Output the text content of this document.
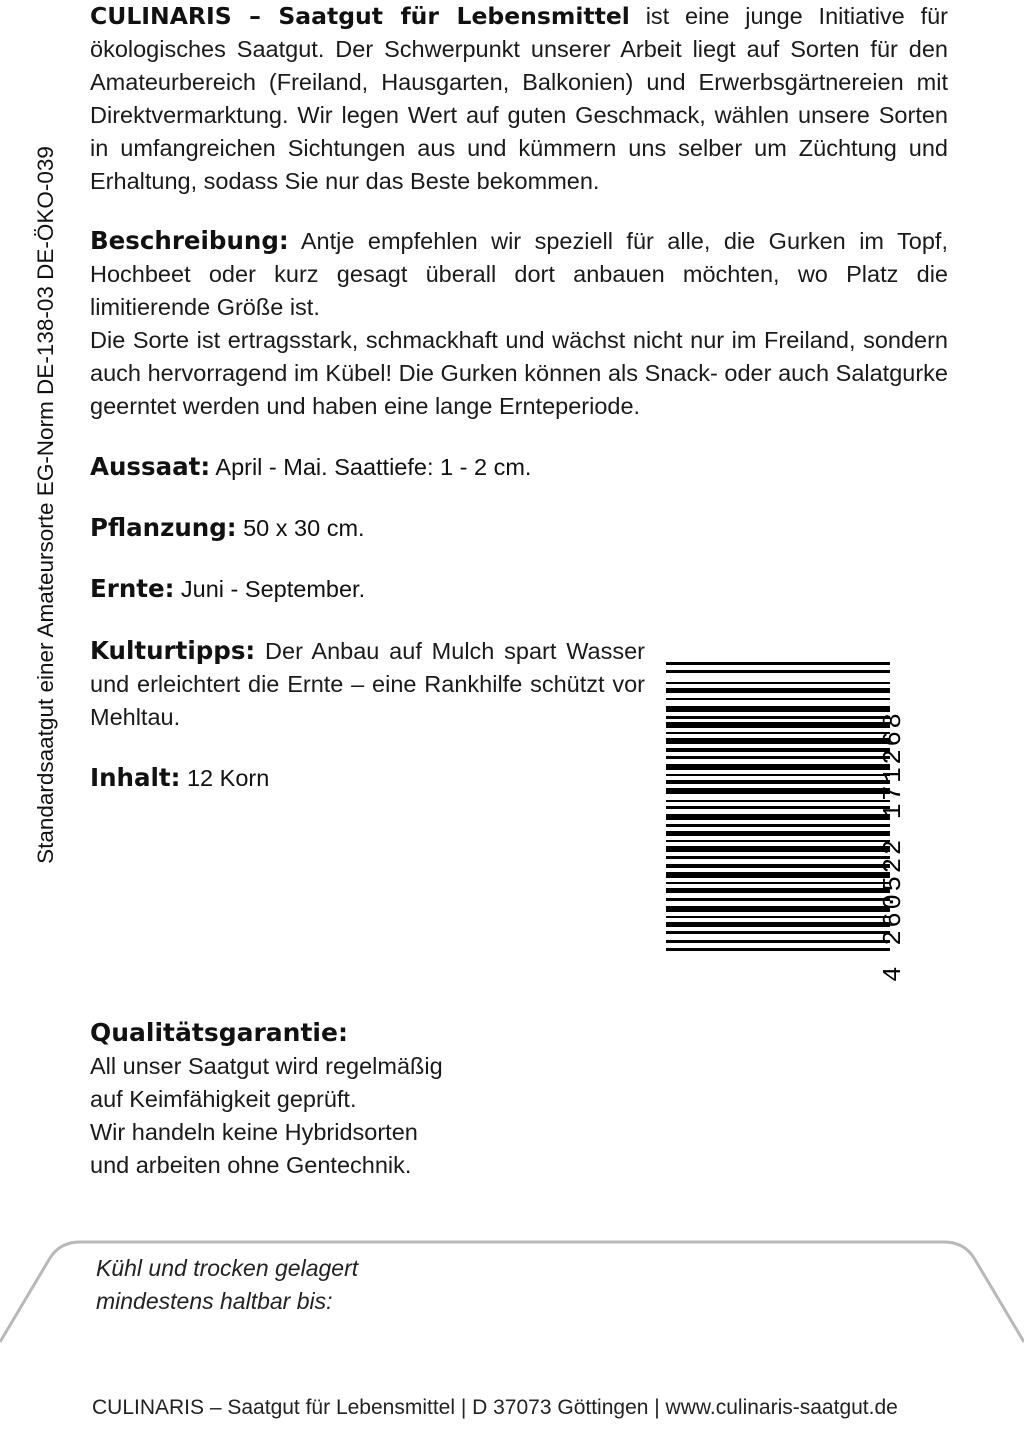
Standardsaatgut einer Amateursorte EG-Norm DE-138-03 DE-ÖKO-039

CULINARIS – Saatgut für Lebensmittel ist eine junge Initiative für ökologisches Saatgut. Der Schwerpunkt unserer Arbeit liegt auf Sorten für den Amateurbereich (Freiland, Hausgarten, Balkonien) und Erwerbsgärtnereien mit Direktvermarktung. Wir legen Wert auf guten Geschmack, wählen unsere Sorten in umfangreichen Sichtungen aus und kümmern uns selber um Züchtung und Erhaltung, sodass Sie nur das Beste bekommen.

Beschreibung: Antje empfehlen wir speziell für alle, die Gurken im Topf, Hochbeet oder kurz gesagt überall dort anbauen möchten, wo Platz die limitierende Größe ist.
Die Sorte ist ertragsstark, schmackhaft und wächst nicht nur im Freiland, sondern auch hervorragend im Kübel! Die Gurken können als Snack- oder auch Salatgurke geerntet werden und haben eine lange Ernteperiode.

Aussaat: April - Mai. Saattiefe: 1 - 2 cm.
Pflanzung: 50 x 30 cm.
Ernte: Juni - September.

Kulturtipps: Der Anbau auf Mulch spart Wasser und erleichtert die Ernte – eine Rankhilfe schützt vor Mehltau.

Inhalt: 12 Korn	4 260522 171268
Qualitätsgarantie:
All unser Saatgut wird regelmäßig
auf Keimfähigkeit geprüft.
Wir handeln keine Hybridsorten
und arbeiten ohne Gentechnik.
Kühl und trocken gelagert
mindestens haltbar bis:
CULINARIS – Saatgut für Lebensmittel | D 37073 Göttingen | www.culinaris-saatgut.de
